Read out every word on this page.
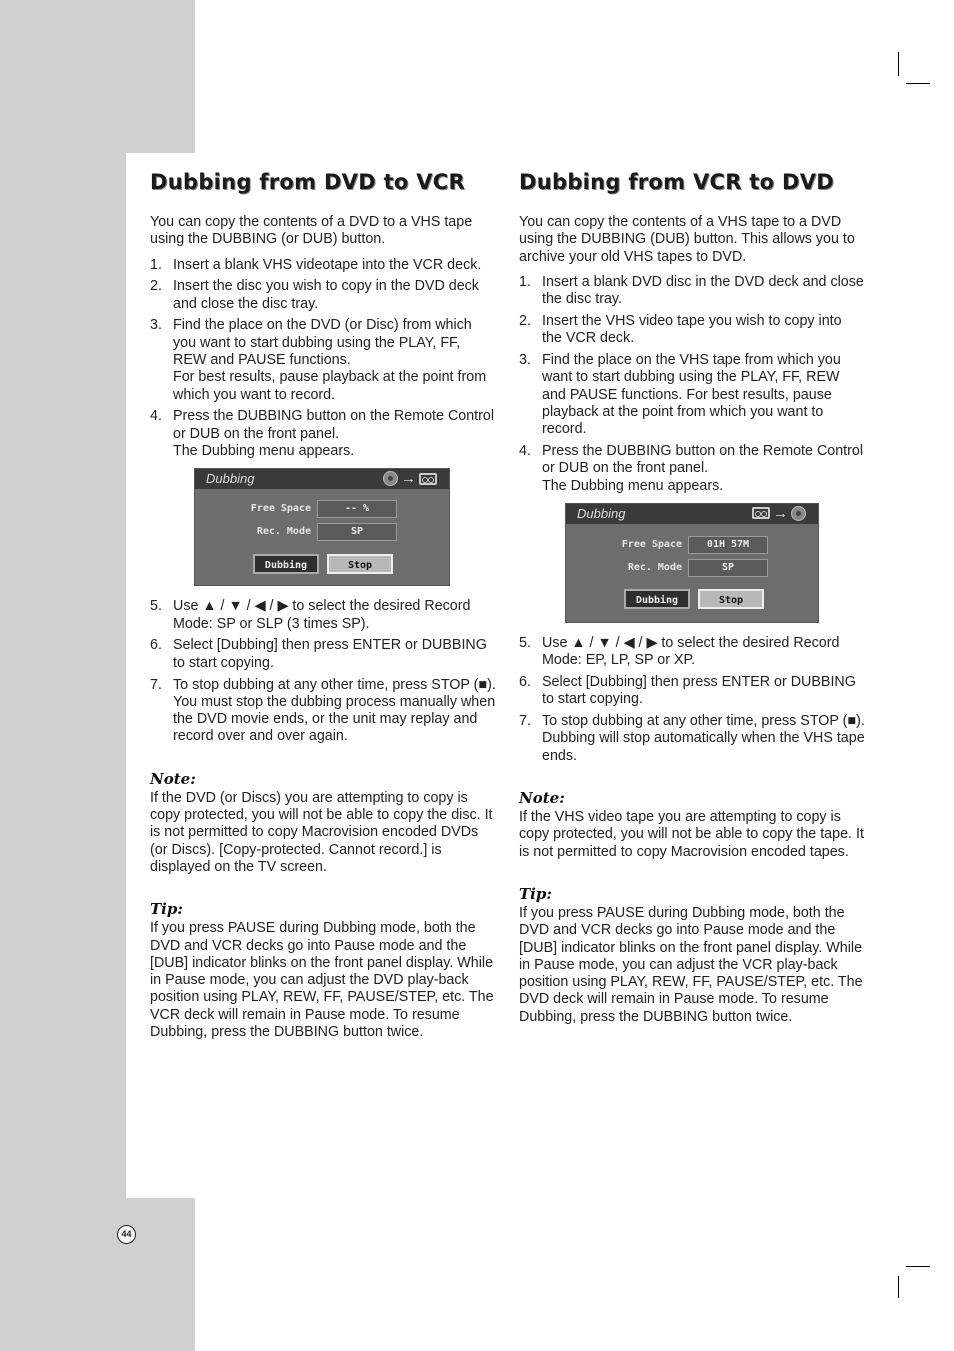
Dubbing from DVD to VCR

You can copy the contents of a DVD to a VHS tape using the DUBBING (or DUB) button.

1. Insert a blank VHS videotape into the VCR deck.
2. Insert the disc you wish to copy in the DVD deck and close the disc tray.
3. Find the place on the DVD (or Disc) from which you want to start dubbing using the PLAY, FF, REW and PAUSE functions.
For best results, pause playback at the point from which you want to record.
4. Press the DUBBING button on the Remote Control or DUB on the front panel.
The Dubbing menu appears.
Dubbing	→
Free Space	-- %
Rec. Mode	SP
Dubbing	Stop
5. Use ▲ / ▼ / ◀ / ▶ to select the desired Record Mode: SP or SLP (3 times SP).
6. Select [Dubbing] then press ENTER or DUBBING to start copying.
7. To stop dubbing at any other time, press STOP (■).
You must stop the dubbing process manually when the DVD movie ends, or the unit may replay and record over and over again.
Note:

If the DVD (or Discs) you are attempting to copy is copy protected, you will not be able to copy the disc. It is not permitted to copy Macrovision encoded DVDs (or Discs). [Copy-protected. Cannot record.] is displayed on the TV screen.

Tip:

If you press PAUSE during Dubbing mode, both the DVD and VCR decks go into Pause mode and the [DUB] indicator blinks on the front panel display. While in Pause mode, you can adjust the DVD play-back position using PLAY, REW, FF, PAUSE/STEP, etc. The VCR deck will remain in Pause mode. To resume Dubbing, press the DUBBING button twice.

Dubbing from VCR to DVD

You can copy the contents of a VHS tape to a DVD using the DUBBING (DUB) button. This allows you to archive your old VHS tapes to DVD.

1. Insert a blank DVD disc in the DVD deck and close the disc tray.
2. Insert the VHS video tape you wish to copy into the VCR deck.
3. Find the place on the VHS tape from which you want to start dubbing using the PLAY, FF, REW and PAUSE functions. For best results, pause playback at the point from which you want to record.
4. Press the DUBBING button on the Remote Control or DUB on the front panel.
The Dubbing menu appears.
Dubbing	→
Free Space	01H 57M
Rec. Mode	SP
Dubbing	Stop
5. Use ▲ / ▼ / ◀ / ▶ to select the desired Record Mode: EP, LP, SP or XP.
6. Select [Dubbing] then press ENTER or DUBBING to start copying.
7. To stop dubbing at any other time, press STOP (■).
Dubbing will stop automatically when the VHS tape ends.
Note:

If the VHS video tape you are attempting to copy is copy protected, you will not be able to copy the tape. It is not permitted to copy Macrovision encoded tapes.

Tip:

If you press PAUSE during Dubbing mode, both the DVD and VCR decks go into Pause mode and the [DUB] indicator blinks on the front panel display. While in Pause mode, you can adjust the VCR play-back position using PLAY, REW, FF, PAUSE/STEP, etc. The DVD deck will remain in Pause mode. To resume Dubbing, press the DUBBING button twice.

44
